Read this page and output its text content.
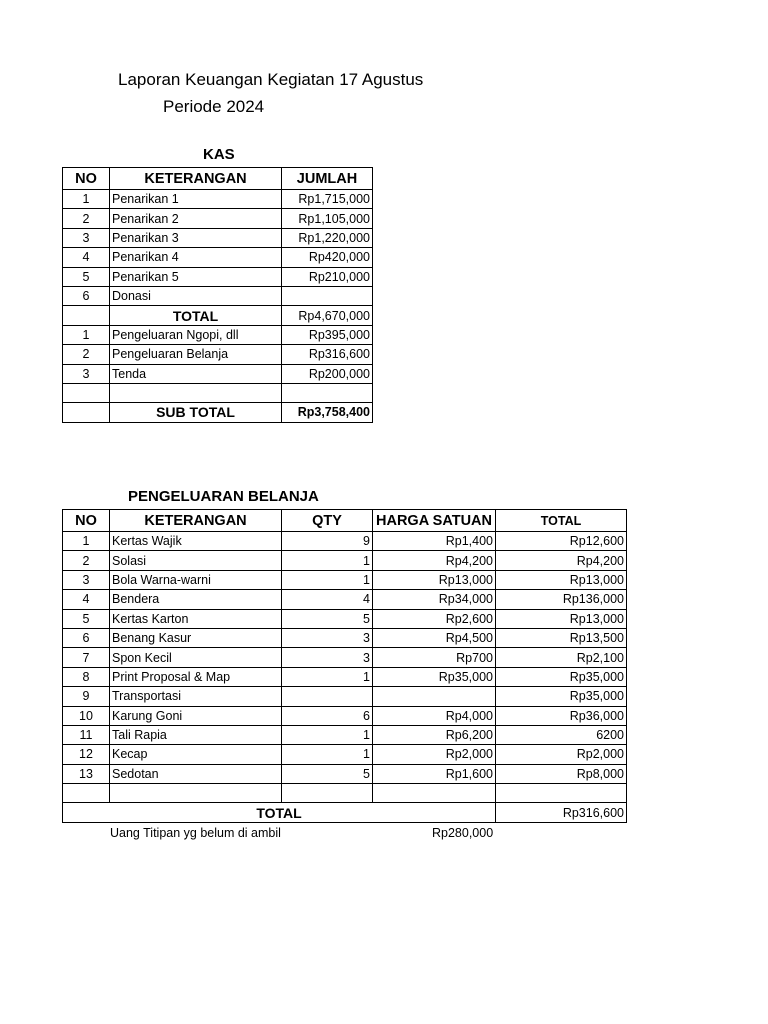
Laporan Keuangan Kegiatan 17 Agustus
Periode 2024
KAS
NO	KETERANGAN	JUMLAH
1	Penarikan 1	Rp1,715,000
2	Penarikan 2	Rp1,105,000
3	Penarikan 3	Rp1,220,000
4	Penarikan 4	Rp420,000
5	Penarikan 5	Rp210,000
6	Donasi	
	TOTAL	Rp4,670,000
1	Pengeluaran Ngopi, dll	Rp395,000
2	Pengeluaran Belanja	Rp316,600
3	Tenda	Rp200,000

	SUB TOTAL	Rp3,758,400
PENGELUARAN BELANJA
NO	KETERANGAN	QTY	HARGA SATUAN	TOTAL
1	Kertas Wajik	9	Rp1,400	Rp12,600
2	Solasi	1	Rp4,200	Rp4,200
3	Bola Warna-warni	1	Rp13,000	Rp13,000
4	Bendera	4	Rp34,000	Rp136,000
5	Kertas Karton	5	Rp2,600	Rp13,000
6	Benang Kasur	3	Rp4,500	Rp13,500
7	Spon Kecil	3	Rp700	Rp2,100
8	Print Proposal & Map	1	Rp35,000	Rp35,000
9	Transportasi			Rp35,000
10	Karung Goni	6	Rp4,000	Rp36,000
11	Tali Rapia	1	Rp6,200	6200
12	Kecap	1	Rp2,000	Rp2,000
13	Sedotan	5	Rp1,600	Rp8,000

TOTAL				Rp316,600
Uang Titipan yg belum di ambil	Rp280,000
